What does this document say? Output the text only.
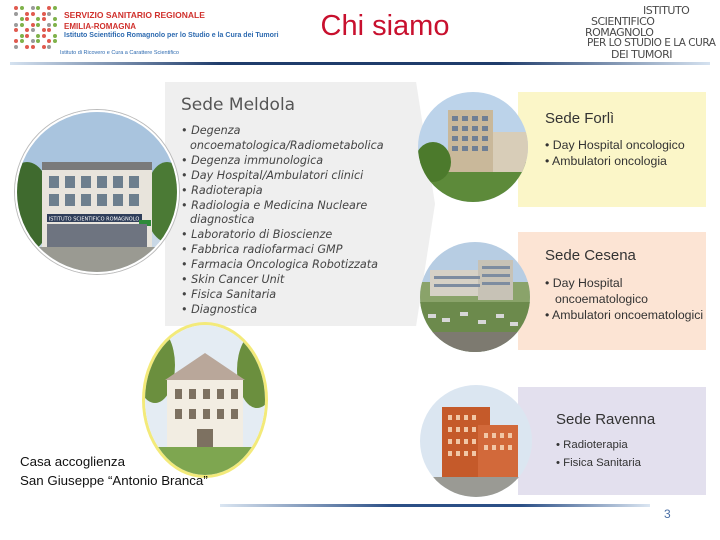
SERVIZIO SANITARIO REGIONALE
EMILIA-ROMAGNA
Istituto Scientifico Romagnolo per lo Studio e la Cura dei Tumori
Istituto di Ricovero e Cura a Carattere Scientifico
Chi siamo	ISTITUTO
SCIENTIFICO
ROMAGNOLO
PER LO STUDIO E LA CURA
DEI TUMORI
Sede Meldola
• Degenza oncoematologica/Radiometabolica
• Degenza immunologica
• Day Hospital/Ambulatori clinici
• Radioterapia
• Radiologia e Medicina Nucleare diagnostica
• Laboratorio di Bioscienze
• Fabbrica radiofarmaci GMP
• Farmacia Oncologica Robotizzata
• Skin Cancer Unit
• Fisica Sanitaria
• Diagnostica
ISTITUTO SCIENTIFICO ROMAGNOLO
Sede Forlì
• Day Hospital oncologico
• Ambulatori oncologia
Sede Cesena
• Day Hospital oncoematologico
• Ambulatori oncoematologici
Sede Ravenna
• Radioterapia
• Fisica Sanitaria
Casa accoglienza
San Giuseppe “Antonio Branca”
3
